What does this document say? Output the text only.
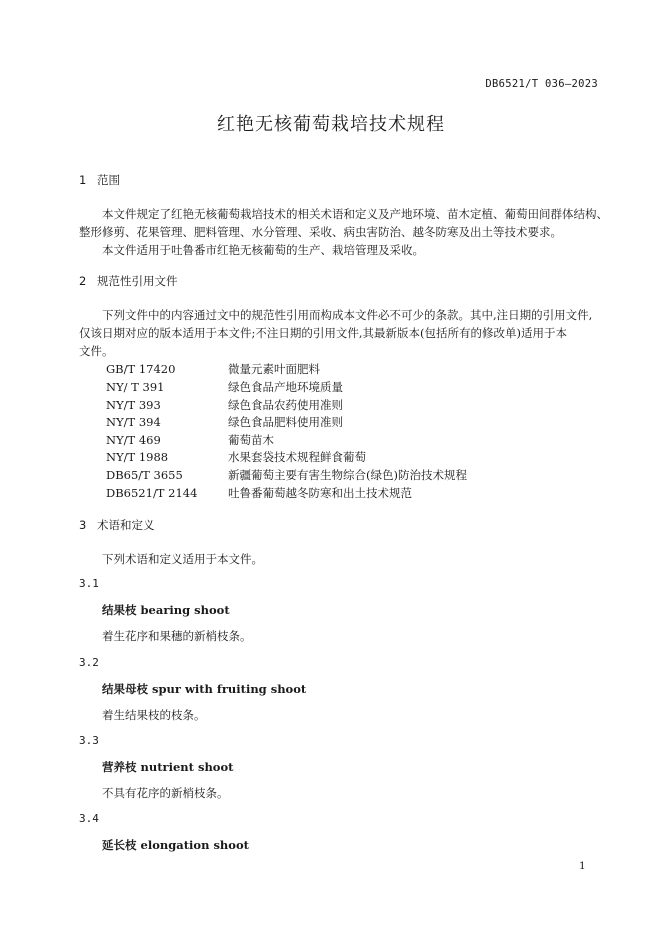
DB6521/T 036—2023
红艳无核葡萄栽培技术规程
1 范围
本文件规定了红艳无核葡萄栽培技术的相关术语和定义及产地环境、苗木定植、葡萄田间群体结构、
整形修剪、花果管理、肥料管理、水分管理、采收、病虫害防治、越冬防寒及出土等技术要求。
本文件适用于吐鲁番市红艳无核葡萄的生产、栽培管理及采收。
2 规范性引用文件
下列文件中的内容通过文中的规范性引用而构成本文件必不可少的条款。其中,注日期的引用文件,
仅该日期对应的版本适用于本文件;不注日期的引用文件,其最新版本(包括所有的修改单)适用于本
文件。
GB/T 17420	微量元素叶面肥料
NY/ T 391	绿色食品产地环境质量
NY/T 393	绿色食品农药使用准则
NY/T 394	绿色食品肥料使用准则
NY/T 469	葡萄苗木
NY/T 1988	水果套袋技术规程鲜食葡萄
DB65/T 3655	新疆葡萄主要有害生物综合(绿色)防治技术规程
DB6521/T 2144	吐鲁番葡萄越冬防寒和出土技术规范
3 术语和定义
下列术语和定义适用于本文件。
3.1
结果枝 bearing shoot
着生花序和果穗的新梢枝条。
3.2
结果母枝 spur with fruiting shoot
着生结果枝的枝条。
3.3
营养枝 nutrient shoot
不具有花序的新梢枝条。
3.4
延长枝 elongation shoot
1
